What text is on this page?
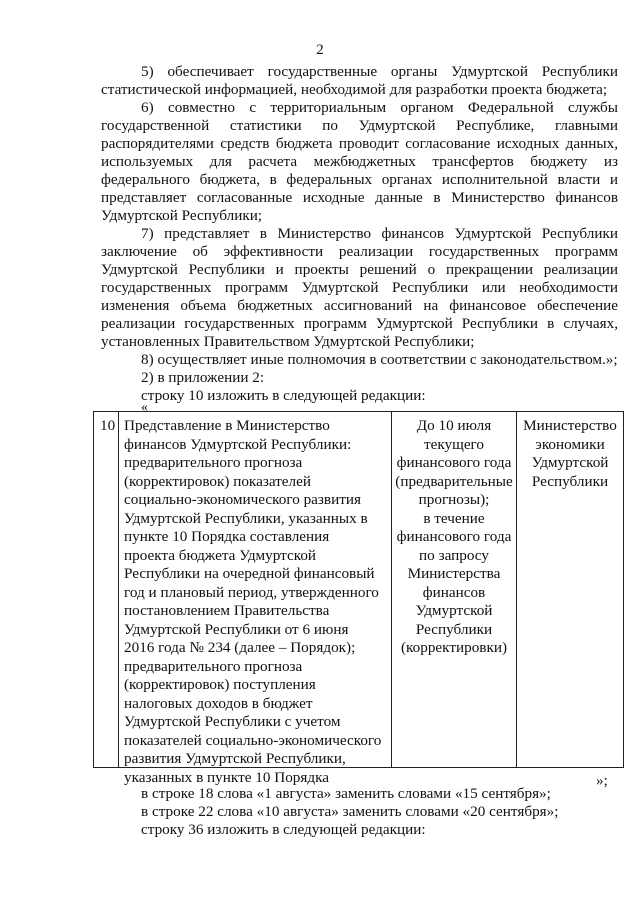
2
5) обеспечивает государственные органы Удмуртской Республики
статистической информацией, необходимой для разработки проекта бюджета;
6) совместно с территориальным органом Федеральной службы
государственной статистики по Удмуртской Республике, главными
распорядителями средств бюджета проводит согласование исходных данных,
используемых для расчета межбюджетных трансфертов бюджету из
федерального бюджета, в федеральных органах исполнительной власти и
представляет согласованные исходные данные в Министерство финансов
Удмуртской Республики;
7) представляет в Министерство финансов Удмуртской Республики
заключение об эффективности реализации государственных программ
Удмуртской Республики и проекты решений о прекращении реализации
государственных программ Удмуртской Республики или необходимости
изменения объема бюджетных ассигнований на финансовое обеспечение
реализации государственных программ Удмуртской Республики в случаях,
установленных Правительством Удмуртской Республики;
8) осуществляет иные полномочия в соответствии с законодательством.»;
2) в приложении 2:
строку 10 изложить в следующей редакции:
«
10 Представление в Министерство
финансов Удмуртской Республики:
предварительного прогноза
(корректировок) показателей
социально-экономического развития
Удмуртской Республики, указанных в
пункте 10 Порядка составления
проекта бюджета Удмуртской
Республики на очередной финансовый
год и плановый период, утвержденного
постановлением Правительства
Удмуртской Республики от 6 июня
2016 года № 234 (далее – Порядок);
предварительного прогноза
(корректировок) поступления
налоговых доходов в бюджет
Удмуртской Республики с учетом
показателей социально-экономического
развития Удмуртской Республики,
указанных в пункте 10 Порядка
До 10 июля
текущего
финансового года
(предварительные
прогнозы);
в течение
финансового года
по запросу
Министерства
финансов
Удмуртской
Республики
(корректировки)
Министерство
экономики
Удмуртской
Республики
»;
в строке 18 слова «1 августа» заменить словами «15 сентября»;
в строке 22 слова «10 августа» заменить словами «20 сентября»;
строку 36 изложить в следующей редакции:
